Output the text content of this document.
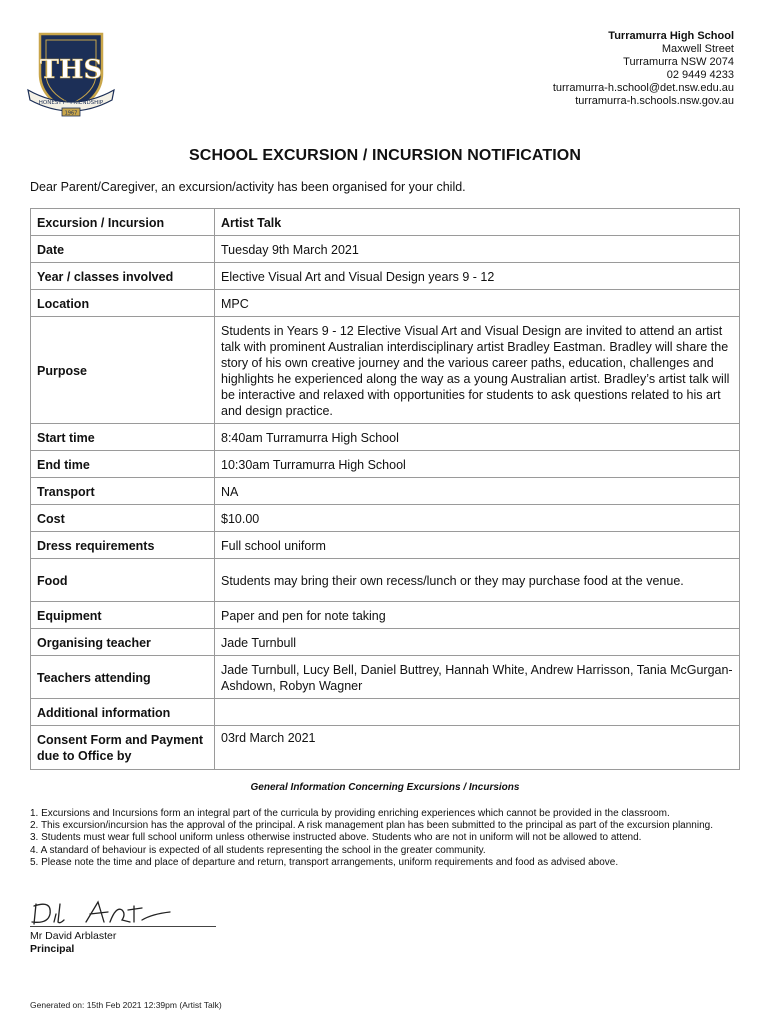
THS
HONESTY · FRIENDSHIP
1967
Turramurra High School
Maxwell Street
Turramurra NSW 2074
02 9449 4233
turramurra-h.school@det.nsw.edu.au
turramurra-h.schools.nsw.gov.au
SCHOOL EXCURSION / INCURSION NOTIFICATION
Dear Parent/Caregiver, an excursion/activity has been organised for your child.
Excursion / Incursion	Artist Talk
Date	Tuesday 9th March 2021
Year / classes involved	Elective Visual Art and Visual Design years 9 - 12
Location	MPC
Purpose	Students in Years 9 - 12 Elective Visual Art and Visual Design are invited to attend an artist talk with prominent Australian interdisciplinary artist Bradley Eastman. Bradley will share the story of his own creative journey and the various career paths, education, challenges and highlights he experienced along the way as a young Australian artist. Bradley’s artist talk will be interactive and relaxed with opportunities for students to ask questions related to his art and design practice.
Start time	8:40am Turramurra High School
End time	10:30am Turramurra High School
Transport	NA
Cost	$10.00
Dress requirements	Full school uniform
Food	Students may bring their own recess/lunch or they may purchase food at the venue.
Equipment	Paper and pen for note taking
Organising teacher	Jade Turnbull
Teachers attending	Jade Turnbull, Lucy Bell, Daniel Buttrey, Hannah White, Andrew Harrisson, Tania McGurgan-Ashdown, Robyn Wagner
Additional information	
Consent Form and Payment due to Office by	03rd March 2021
General Information Concerning Excursions / Incursions
1. Excursions and Incursions form an integral part of the curricula by providing enriching experiences which cannot be provided in the classroom.
2. This excursion/incursion has the approval of the principal. A risk management plan has been submitted to the principal as part of the excursion planning.
3. Students must wear full school uniform unless otherwise instructed above. Students who are not in uniform will not be allowed to attend.
4. A standard of behaviour is expected of all students representing the school in the greater community.
5. Please note the time and place of departure and return, transport arrangements, uniform requirements and food as advised above.
Mr David Arblaster
Principal
Generated on: 15th Feb 2021 12:39pm (Artist Talk)
